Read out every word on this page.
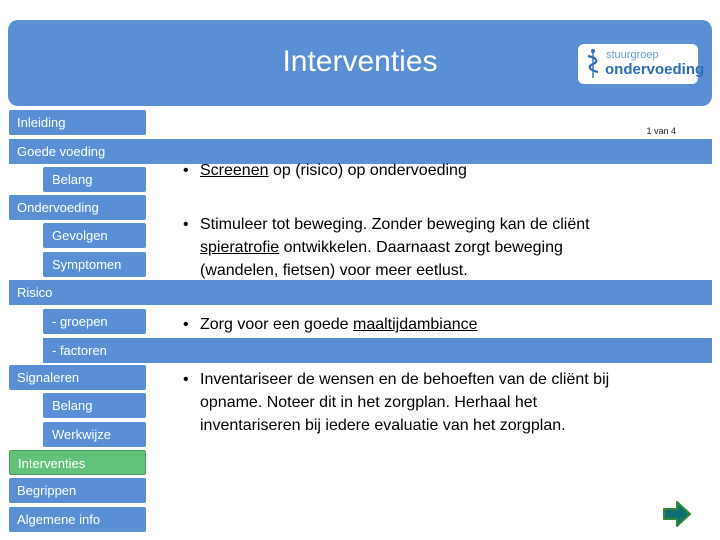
Interventies	stuurgroep
ondervoeding
Inleiding
Goede voeding
Belang
Ondervoeding
Gevolgen
Symptomen
Risico
- groepen
- factoren
Signaleren
Belang
Werkwijze
Interventies
Begrippen
Algemene info
1 van 4
• Screenen op (risico) op ondervoeding
• Stimuleer tot beweging. Zonder beweging kan de cliënt
spieratrofie ontwikkelen. Daarnaast zorgt beweging
(wandelen, fietsen) voor meer eetlust.
• Zorg voor een goede maaltijdambiance
• Inventariseer de wensen en de behoeften van de cliënt bij
opname. Noteer dit in het zorgplan. Herhaal het
inventariseren bij iedere evaluatie van het zorgplan.
